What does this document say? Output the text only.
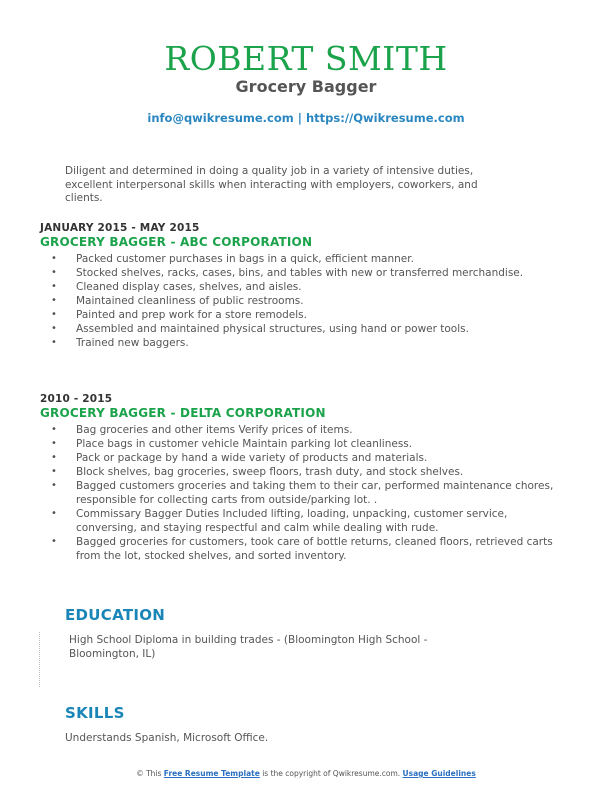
ROBERT SMITH
Grocery Bagger
info@qwikresume.com | https://Qwikresume.com
Diligent and determined in doing a quality job in a variety of intensive duties, excellent interpersonal skills when interacting with employers, coworkers, and clients.
JANUARY 2015 - MAY 2015
GROCERY BAGGER - ABC CORPORATION
• Packed customer purchases in bags in a quick, efficient manner.
• Stocked shelves, racks, cases, bins, and tables with new or transferred merchandise.
• Cleaned display cases, shelves, and aisles.
• Maintained cleanliness of public restrooms.
• Painted and prep work for a store remodels.
• Assembled and maintained physical structures, using hand or power tools.
• Trained new baggers.
2010 - 2015
GROCERY BAGGER - DELTA CORPORATION
• Bag groceries and other items Verify prices of items.
• Place bags in customer vehicle Maintain parking lot cleanliness.
• Pack or package by hand a wide variety of products and materials.
• Block shelves, bag groceries, sweep floors, trash duty, and stock shelves.
• Bagged customers groceries and taking them to their car, performed maintenance chores, responsible for collecting carts from outside/parking lot. .
• Commissary Bagger Duties Included lifting, loading, unpacking, customer service, conversing, and staying respectful and calm while dealing with rude.
• Bagged groceries for customers, took care of bottle returns, cleaned floors, retrieved carts from the lot, stocked shelves, and sorted inventory.
EDUCATION
High School Diploma in building trades - (Bloomington High School - Bloomington, IL)
SKILLS
Understands Spanish, Microsoft Office.
© This Free Resume Template is the copyright of Qwikresume.com. Usage Guidelines
